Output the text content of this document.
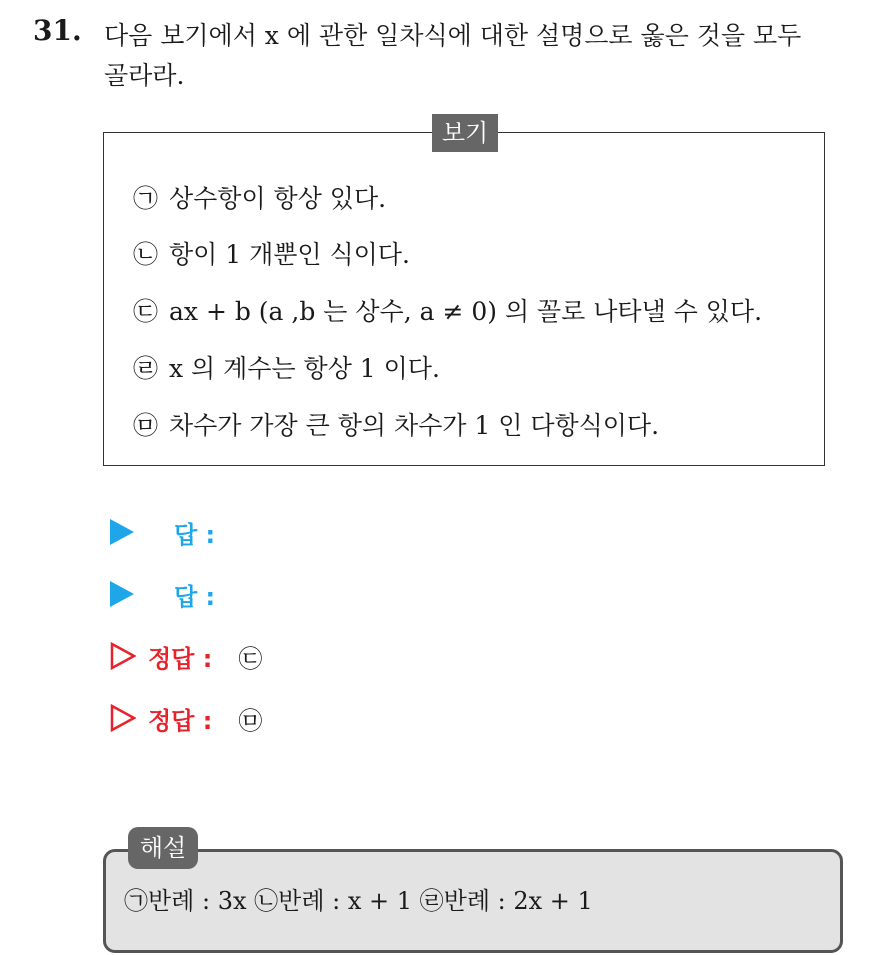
31. 다음 보기에서 x 에 관한 일차식에 대한 설명으로 옳은 것을 모두 골라라.
보기
㉠ 상수항이 항상 있다.
㉡ 항이 1 개뿐인 식이다.
㉢ ax + b (a ,b 는 상수, a ≠ 0) 의 꼴로 나타낼 수 있다.
㉣ x 의 계수는 항상 1 이다.
㉤ 차수가 가장 큰 항의 차수가 1 인 다항식이다.
답 :
답 :
정답 : ㉢
정답 : ㉤
해설
㉠반례 : 3x ㉡반례 : x + 1 ㉣반례 : 2x + 1
